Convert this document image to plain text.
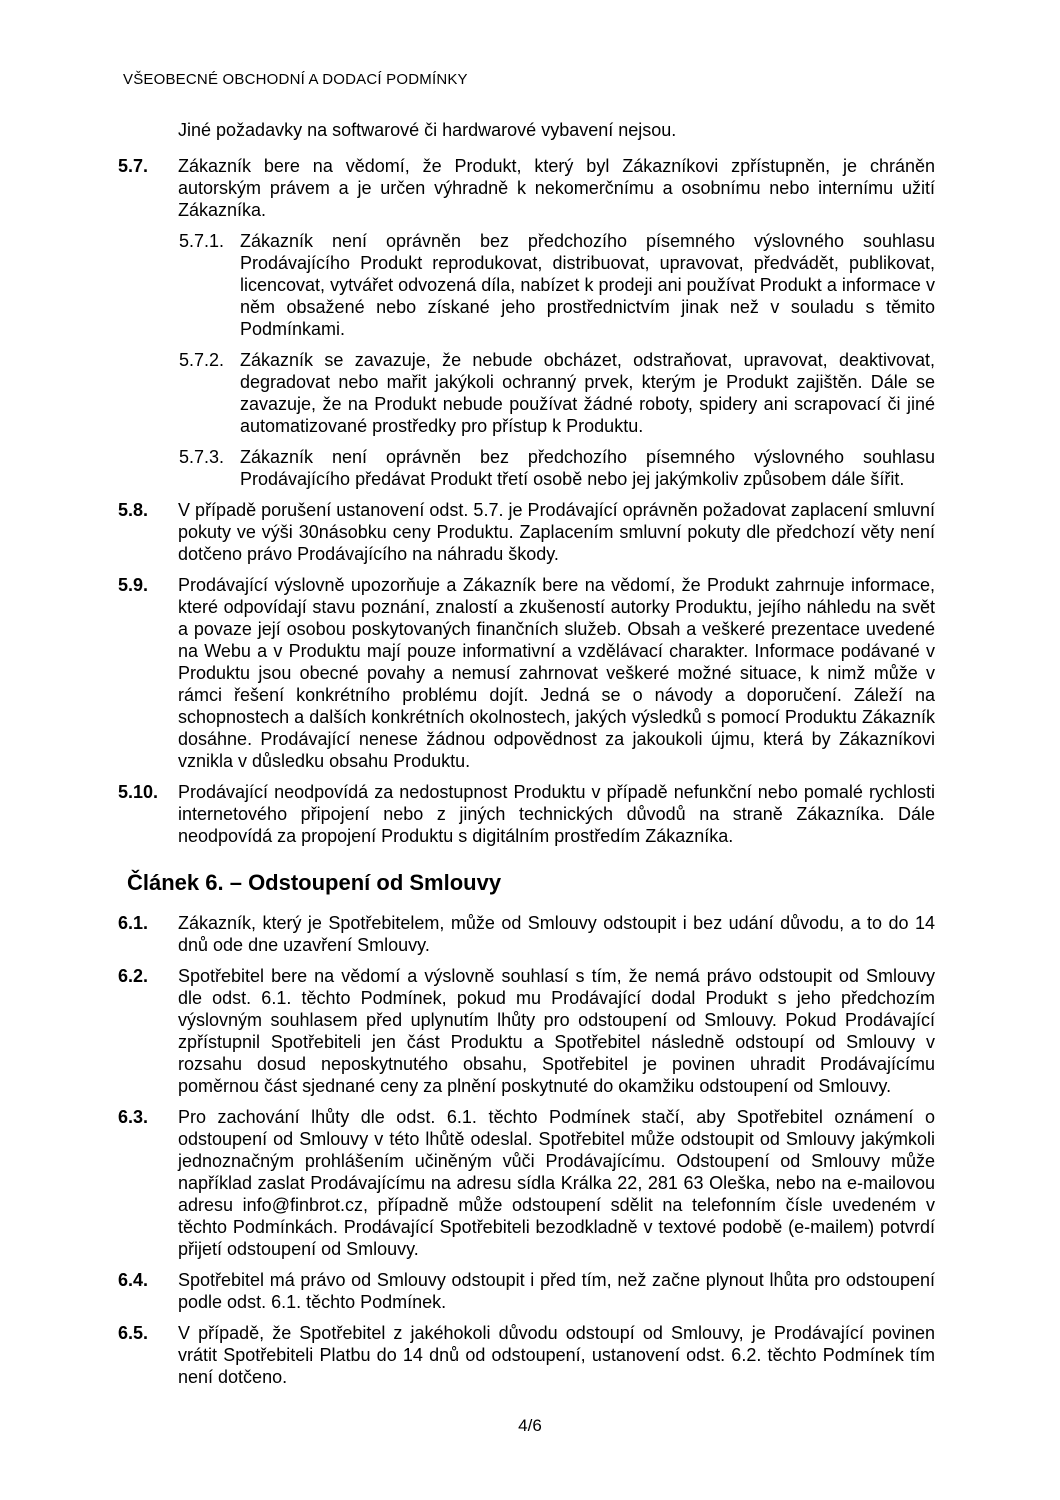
VŠEOBECNÉ OBCHODNÍ A DODACÍ PODMÍNKY

Jiné požadavky na softwarové či hardwarové vybavení nejsou.

5.7.	Zákazník bere na vědomí, že Produkt, který byl Zákazníkovi zpřístupněn, je chráněn autorským právem a je určen výhradně k nekomerčnímu a osobnímu nebo internímu užití Zákazníka.
5.7.1. Zákazník není oprávněn bez předchozího písemného výslovného souhlasu Prodávajícího Produkt reprodukovat, distribuovat, upravovat, předvádět, publikovat, licencovat, vytvářet odvozená díla, nabízet k prodeji ani používat Produkt a informace v něm obsažené nebo získané jeho prostřednictvím jinak než v souladu s těmito Podmínkami.
5.7.2. Zákazník se zavazuje, že nebude obcházet, odstraňovat, upravovat, deaktivovat, degradovat nebo mařit jakýkoli ochranný prvek, kterým je Produkt zajištěn. Dále se zavazuje, že na Produkt nebude používat žádné roboty, spidery ani scrapovací či jiné automatizované prostředky pro přístup k Produktu.
5.7.3. Zákazník není oprávněn bez předchozího písemného výslovného souhlasu Prodávajícího předávat Produkt třetí osobě nebo jej jakýmkoliv způsobem dále šířit.
5.8.	V případě porušení ustanovení odst. 5.7. je Prodávající oprávněn požadovat zaplacení smluvní pokuty ve výši 30násobku ceny Produktu. Zaplacením smluvní pokuty dle předchozí věty není dotčeno právo Prodávajícího na náhradu škody.
5.9.	Prodávající výslovně upozorňuje a Zákazník bere na vědomí, že Produkt zahrnuje informace, které odpovídají stavu poznání, znalostí a zkušeností autorky Produktu, jejího náhledu na svět a povaze její osobou poskytovaných finančních služeb. Obsah a veškeré prezentace uvedené na Webu a v Produktu mají pouze informativní a vzdělávací charakter. Informace podávané v Produktu jsou obecné povahy a nemusí zahrnovat veškeré možné situace, k nimž může v rámci řešení konkrétního problému dojít. Jedná se o návody a doporučení. Záleží na schopnostech a dalších konkrétních okolnostech, jakých výsledků s pomocí Produktu Zákazník dosáhne. Prodávající nenese žádnou odpovědnost za jakoukoli újmu, která by Zákazníkovi vznikla v důsledku obsahu Produktu.
5.10.	Prodávající neodpovídá za nedostupnost Produktu v případě nefunkční nebo pomalé rychlosti internetového připojení nebo z jiných technických důvodů na straně Zákazníka. Dále neodpovídá za propojení Produktu s digitálním prostředím Zákazníka.
Článek 6. – Odstoupení od Smlouvy
6.1.	Zákazník, který je Spotřebitelem, může od Smlouvy odstoupit i bez udání důvodu, a to do 14 dnů ode dne uzavření Smlouvy.
6.2.	Spotřebitel bere na vědomí a výslovně souhlasí s tím, že nemá právo odstoupit od Smlouvy dle odst. 6.1. těchto Podmínek, pokud mu Prodávající dodal Produkt s jeho předchozím výslovným souhlasem před uplynutím lhůty pro odstoupení od Smlouvy. Pokud Prodávající zpřístupnil Spotřebiteli jen část Produktu a Spotřebitel následně odstoupí od Smlouvy v rozsahu dosud neposkytnutého obsahu, Spotřebitel je povinen uhradit Prodávajícímu poměrnou část sjednané ceny za plnění poskytnuté do okamžiku odstoupení od Smlouvy.
6.3.	Pro zachování lhůty dle odst. 6.1. těchto Podmínek stačí, aby Spotřebitel oznámení o odstoupení od Smlouvy v této lhůtě odeslal. Spotřebitel může odstoupit od Smlouvy jakýmkoli jednoznačným prohlášením učiněným vůči Prodávajícímu. Odstoupení od Smlouvy může například zaslat Prodávajícímu na adresu sídla Králka 22, 281 63 Oleška, nebo na e-mailovou adresu info@finbrot.cz, případně může odstoupení sdělit na telefonním čísle uvedeném v těchto Podmínkách. Prodávající Spotřebiteli bezodkladně v textové podobě (e-mailem) potvrdí přijetí odstoupení od Smlouvy.
6.4.	Spotřebitel má právo od Smlouvy odstoupit i před tím, než začne plynout lhůta pro odstoupení podle odst. 6.1. těchto Podmínek.
6.5.	V případě, že Spotřebitel z jakéhokoli důvodu odstoupí od Smlouvy, je Prodávající povinen vrátit Spotřebiteli Platbu do 14 dnů od odstoupení, ustanovení odst. 6.2. těchto Podmínek tím není dotčeno.
4/6
